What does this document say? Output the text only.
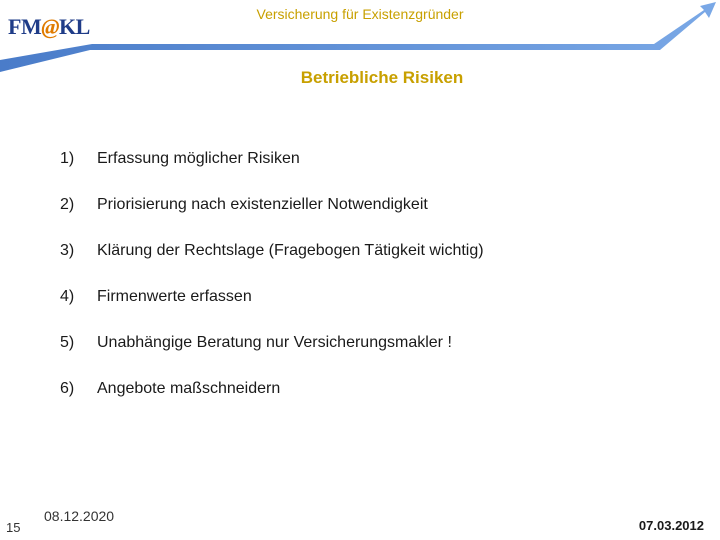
FM@KL	Versicherung für Existenzgründer
Betriebliche Risiken
1)	Erfassung möglicher Risiken
2)	Priorisierung nach existenzieller Notwendigkeit
3)	Klärung der Rechtslage (Fragebogen Tätigkeit wichtig)
4)	Firmenwerte erfassen
5)	Unabhängige Beratung nur Versicherungsmakler !
6)	Angebote maßschneidern
15
08.12.2020
07.03.2012
